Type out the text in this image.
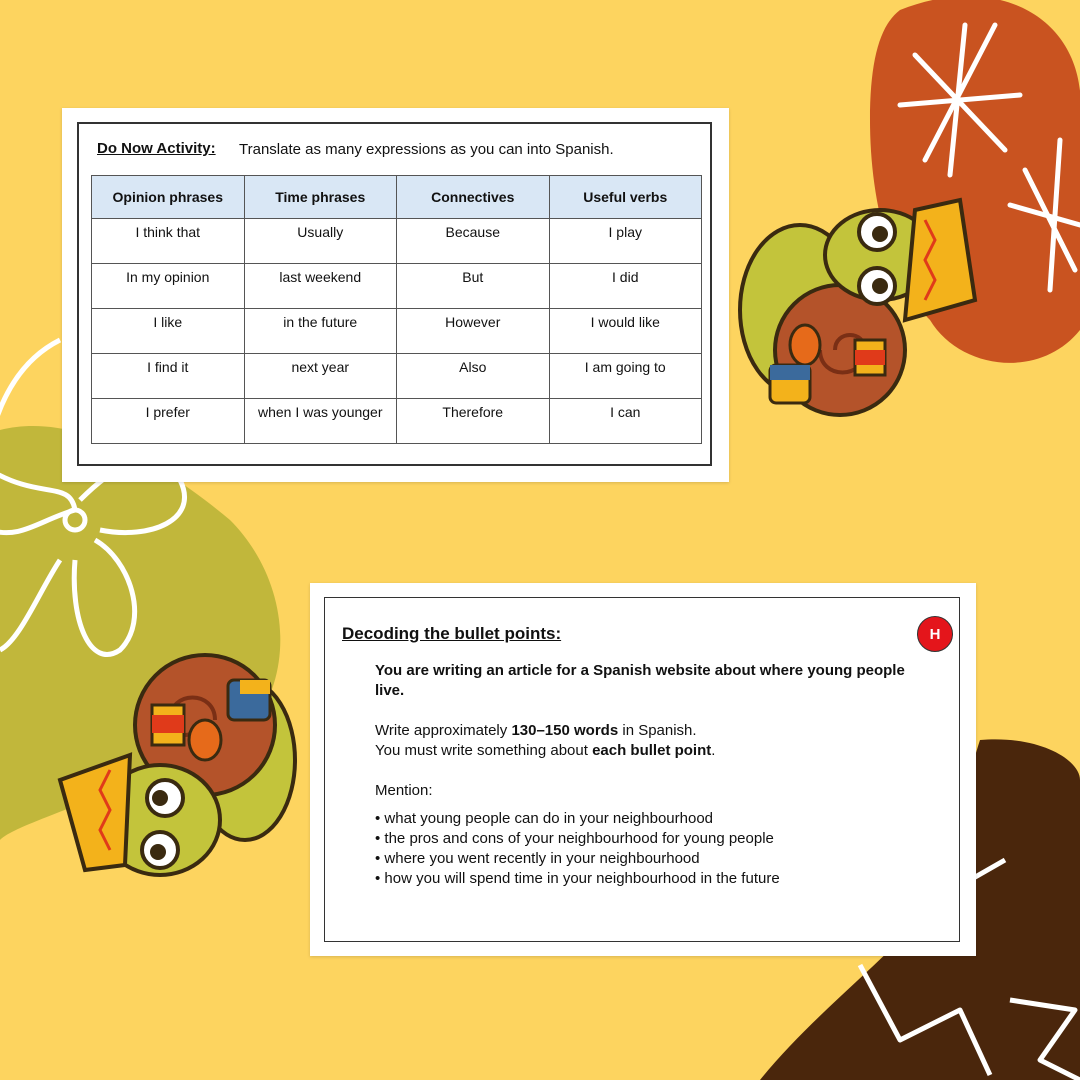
Do Now Activity: Translate as many expressions as you can into Spanish.
Opinion phrases	Time phrases	Connectives	Useful verbs
I think that	Usually	Because	I play
In my opinion	last weekend	But	I did
I like	in the future	However	I would like
I find it	next year	Also	I am going to
I prefer	when I was younger	Therefore	I can
Decoding the bullet points:	H

You are writing an article for a Spanish website about where young people live.

Write approximately 130–150 words in Spanish.

You must write something about each bullet point.

Mention:

• what young people can do in your neighbourhood

• the pros and cons of your neighbourhood for young people

• where you went recently in your neighbourhood

• how you will spend time in your neighbourhood in the future
